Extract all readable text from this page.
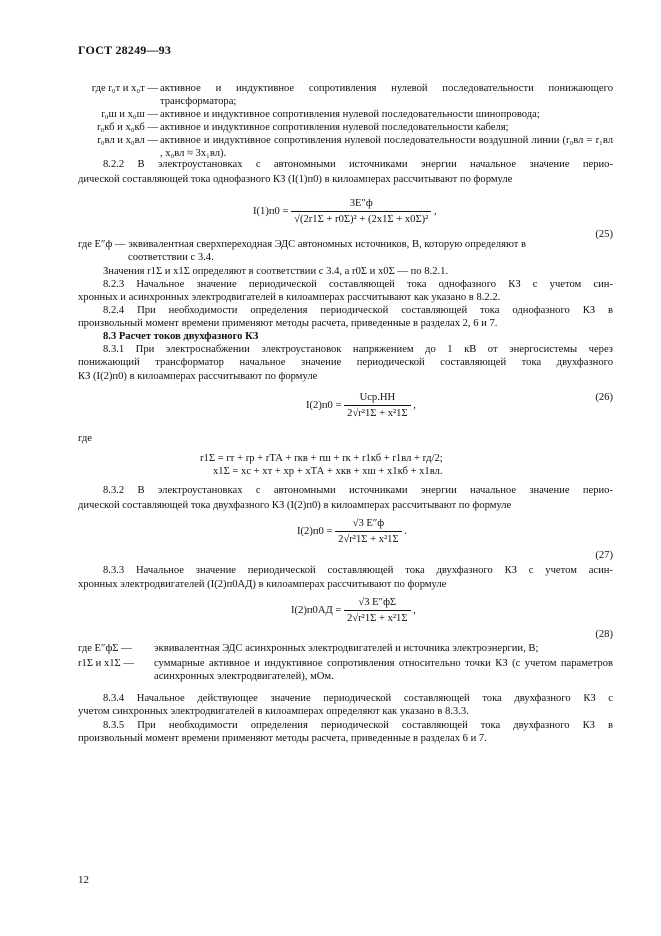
ГОСТ 28249—93
где r₀т и x₀т — активное и индуктивное сопротивления нулевой последовательности понижающего трансформатора;
r₀ш и x₀ш — активное и индуктивное сопротивления нулевой последовательности шинопровода;
r₀кб и x₀кб — активное и индуктивное сопротивления нулевой последовательности кабеля;
r₀вл и x₀вл — активное и индуктивное сопротивления нулевой последовательности воздушной линии (r₀вл = r₁вл , x₀вл ≈ 3x₁вл).
8.2.2 В электроустановках с автономными источниками энергии начальное значение перио-
дической составляющей тока однофазного КЗ (I(1)п0) в килоамперах рассчитывают по формуле
$I(1)п0 = \frac{3E''ф}{\text{√(2r1Σ + r0Σ)² + (2x1Σ + x0Σ)²}}$ ,
(25)
где E″ф — эквивалентная сверхпереходная ЭДС автономных источников, В, которую определяют в
соответствии с 3.4.
Значения r1Σ и x1Σ определяют в соответствии с 3.4, а r0Σ и x0Σ — по 8.2.1.
8.2.3 Начальное значение периодической составляющей тока однофазного КЗ с учетом син-
хронных и асинхронных электродвигателей в килоамперах рассчитывают как указано в 8.2.2.
8.2.4 При необходимости определения периодической составляющей тока однофазного КЗ в
произвольный момент времени применяют методы расчета, приведенные в разделах 2, 6 и 7.
8.3 Расчет токов двухфазного КЗ
8.3.1 При электроснабжении электроустановок напряжением до 1 кВ от энергосистемы через
понижающий трансформатор начальное значение периодической составляющей тока двухфазного
КЗ (I(2)п0) в килоамперах рассчитывают по формуле
$I(2)п0 = \frac{\text{Uср.НН}}{\text{2√r²1Σ + x²1Σ}}$ ,
(26)
где
r1Σ = rт + rр + rТА + rкв + rш + rк + r1кб + r1вл + rд/2;
x1Σ = xс + xт + xр + xТА + xкв + xш + x1кб + x1вл.
8.3.2 В электроустановках с автономными источниками энергии начальное значение перио-
дической составляющей тока двухфазного КЗ (I(2)п0) в килоамперах рассчитывают по формуле
$I(2)п0 = \frac{√3 E''ф}{\text{2√r²1Σ + x²1Σ}}$ .
(27)
8.3.3 Начальное значение периодической составляющей тока двухфазного КЗ с учетом асин-
хронных электродвигателей (I(2)п0АД) в килоамперах рассчитывают по формуле
$I(2)п0АД = \frac{√3 E''ф\Sigma}{\text{2√r²1Σ + x²1Σ}}$ ,
(28)
где E″фΣ —	эквивалентная ЭДС асинхронных электродвигателей и источника электроэнергии, В;
r1Σ и x1Σ —	суммарные активное и индуктивное сопротивления относительно точки КЗ (с учетом параметров асинхронных электродвигателей), мОм.
8.3.4 Начальное действующее значение периодической составляющей тока двухфазного КЗ с
учетом синхронных электродвигателей в килоамперах определяют как указано в 8.3.3.
8.3.5 При необходимости определения периодической составляющей тока двухфазного КЗ в
произвольный момент времени применяют методы расчета, приведенные в разделах 6 и 7.
12
